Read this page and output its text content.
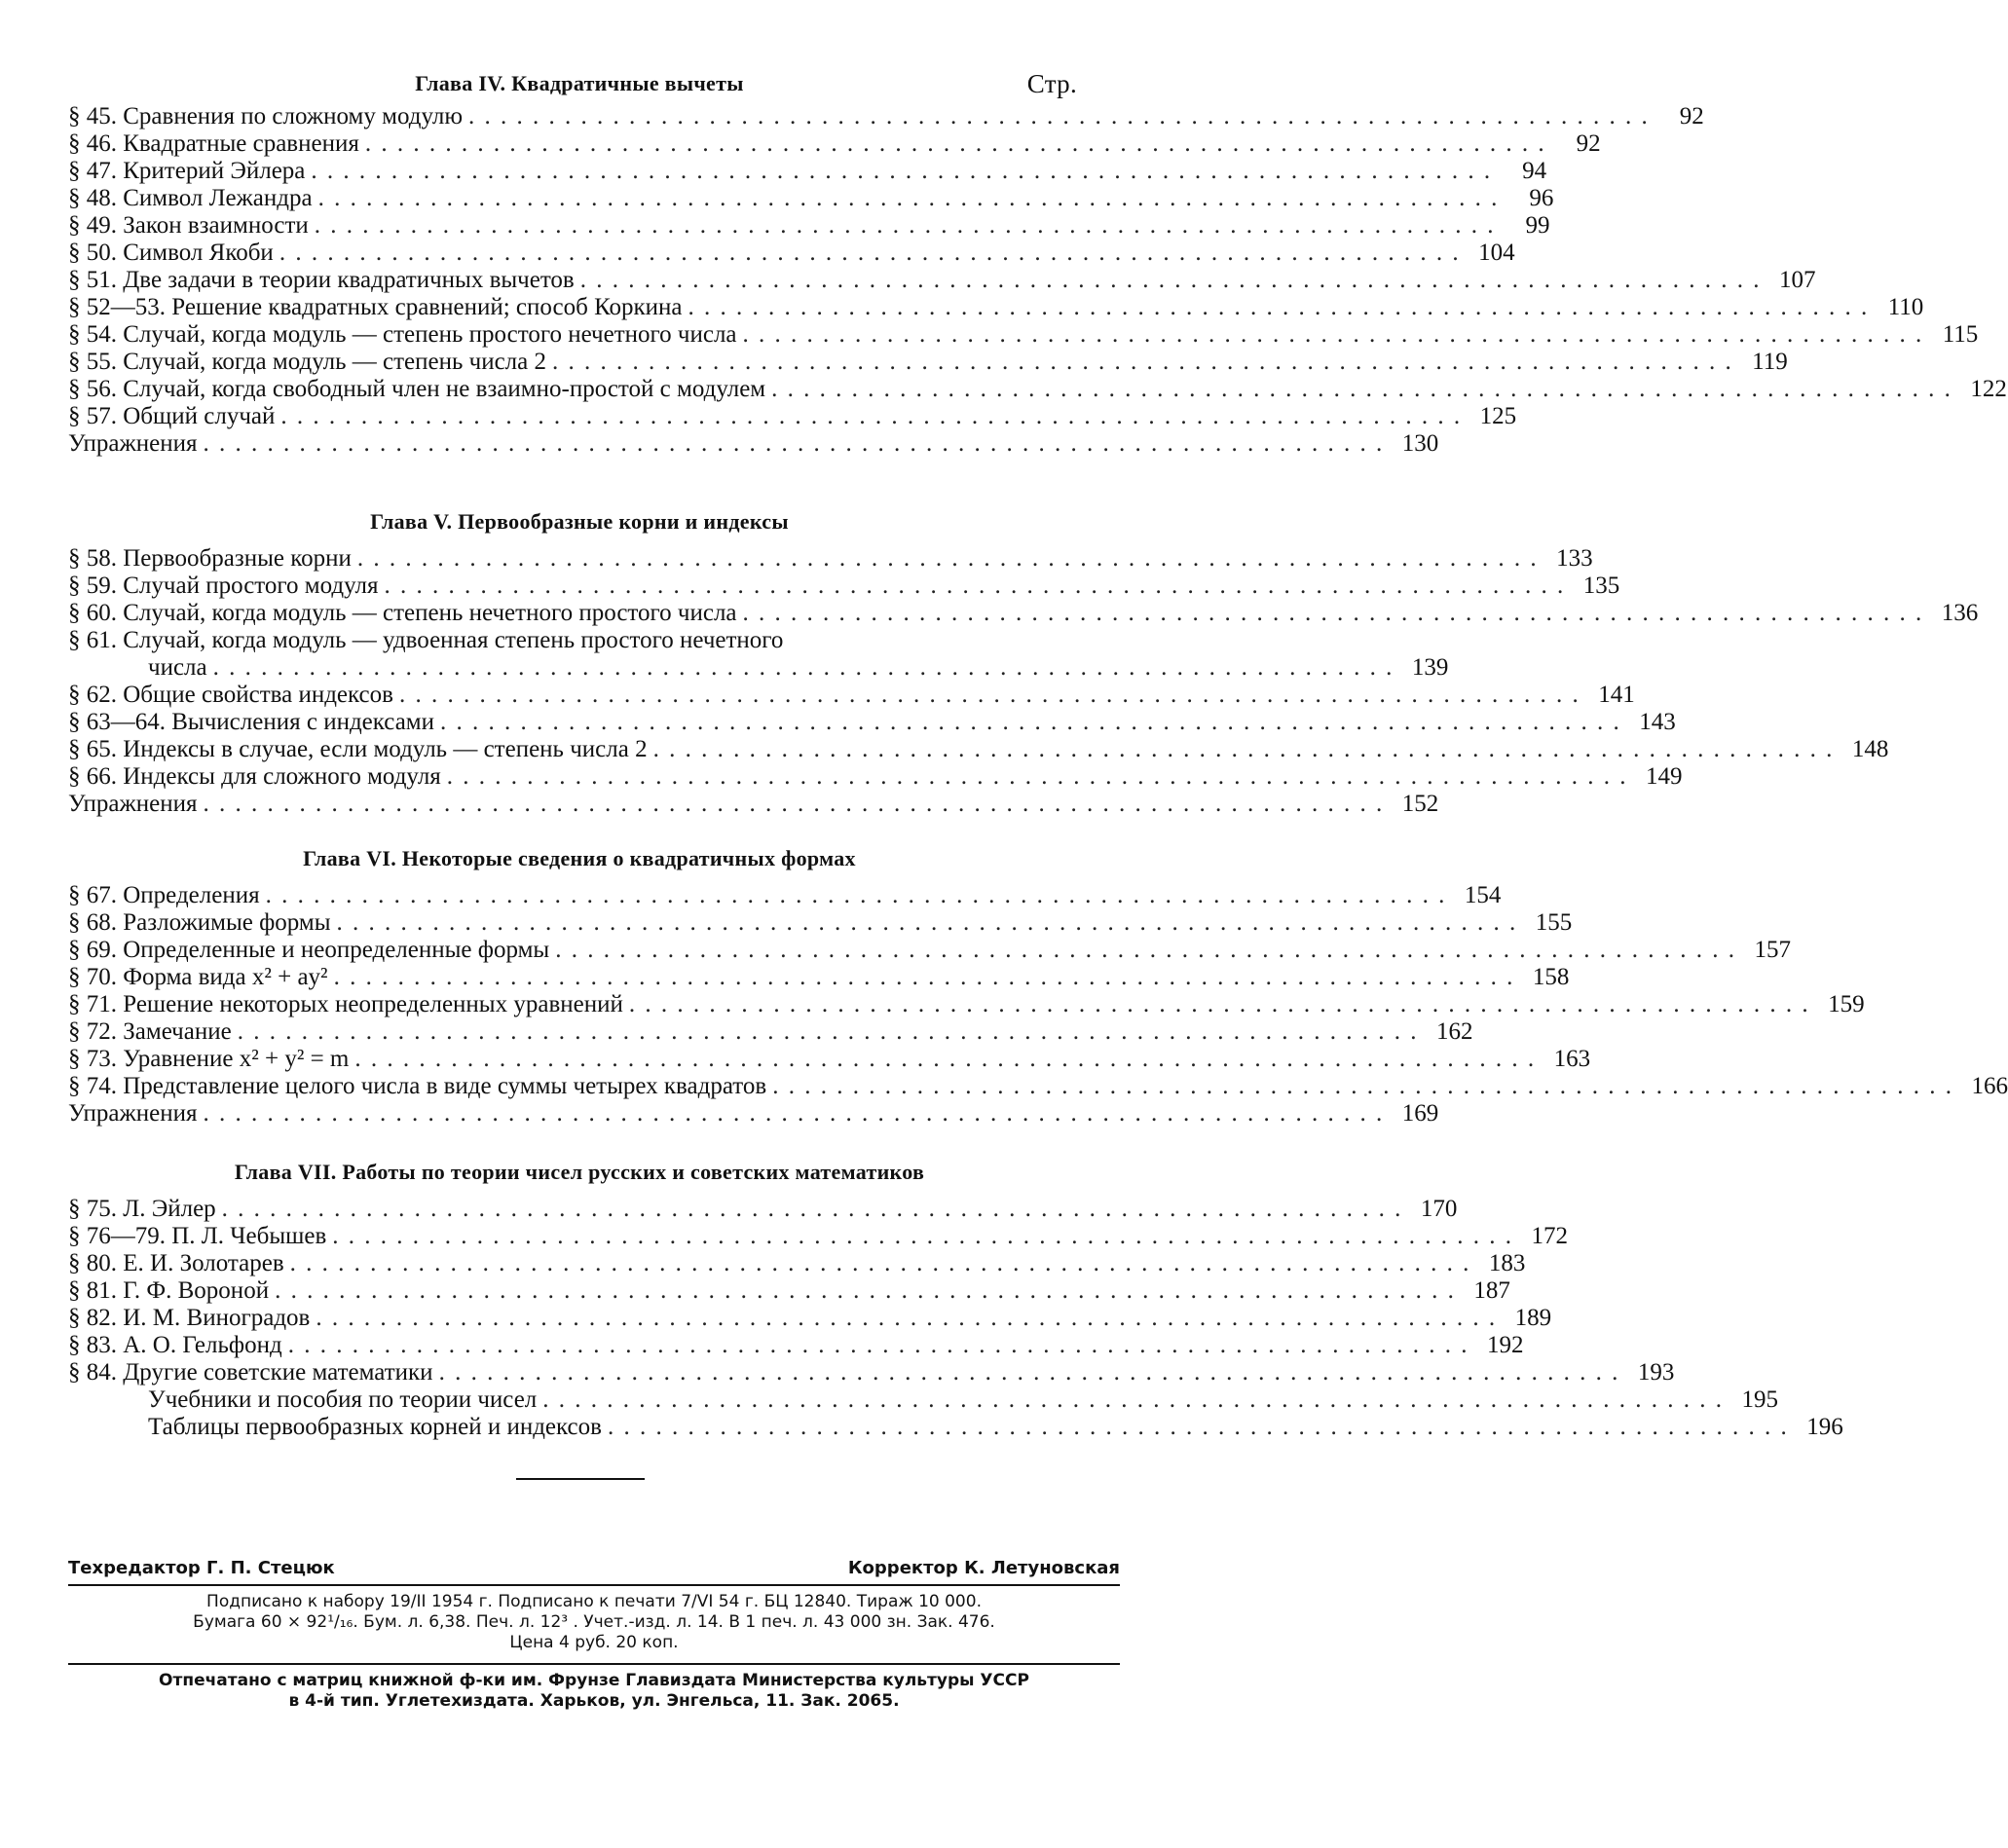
Глава IV. Квадратичные вычеты	Стр.
§ 45. Сравнения по сложному модулю . . .	92
§ 46. Квадратные сравнения . . .	92
§ 47. Критерий Эйлера . . .	94
§ 48. Символ Лежандра . . .	96
§ 49. Закон взаимности . . .	99
§ 50. Символ Якоби . . .	104
§ 51. Две задачи в теории квадратичных вычетов . . .	107
§ 52—53. Решение квадратных сравнений; способ Коркина . . .	110
§ 54. Случай, когда модуль — степень простого нечетного числа . . .	115
§ 55. Случай, когда модуль — степень числа 2 . . .	119
§ 56. Случай, когда свободный член не взаимно-простой с модулем . . .	122
§ 57. Общий случай . . .	125
Упражнения . . .	130
Глава V. Первообразные корни и индексы
§ 58. Первообразные корни . . .	133
§ 59. Случай простого модуля . . .	135
§ 60. Случай, когда модуль — степень нечетного простого числа . . .	136
§ 61. Случай, когда модуль — удвоенная степень простого нечетного
числа . . .	139
§ 62. Общие свойства индексов . . .	141
§ 63—64. Вычисления с индексами . . .	143
§ 65. Индексы в случае, если модуль — степень числа 2 . . .	148
§ 66. Индексы для сложного модуля . . .	149
Упражнения . . .	152
Глава VI. Некоторые сведения о квадратичных формах
§ 67. Определения . . .	154
§ 68. Разложимые формы . . .	155
§ 69. Определенные и неопределенные формы . . .	157
§ 70. Форма вида x² + ay² . . .	158
§ 71. Решение некоторых неопределенных уравнений . . .	159
§ 72. Замечание . . .	162
§ 73. Уравнение x² + y² = m . . .	163
§ 74. Представление целого числа в виде суммы четырех квадратов . . .	166
Упражнения . . .	169
Глава VII. Работы по теории чисел русских и советских математиков
§ 75. Л. Эйлер . . .	170
§ 76—79. П. Л. Чебышев . . .	172
§ 80. Е. И. Золотарев . . .	183
§ 81. Г. Ф. Вороной . . .	187
§ 82. И. М. Виноградов . . .	189
§ 83. А. О. Гельфонд . . .	192
§ 84. Другие советские математики . . .	193
Учебники и пособия по теории чисел . . .	195
Таблицы первообразных корней и индексов . . .	196
Техредактор Г. П. Стецюк	Корректор К. Летуновская
Подписано к набору 19/II 1954 г. Подписано к печати 7/VI 54 г. БЦ 12840. Тираж 10 000.
Бумага 60 × 92¹/₁₆. Бум. л. 6,38. Печ. л. 12³ . Учет.-изд. л. 14. В 1 печ. л. 43 000 зн. Зак. 476.
Цена 4 руб. 20 коп.
Отпечатано с матриц книжной ф-ки им. Фрунзе Главиздата Министерства культуры УССР
в 4-й тип. Углетехиздата. Харьков, ул. Энгельса, 11. Зак. 2065.
